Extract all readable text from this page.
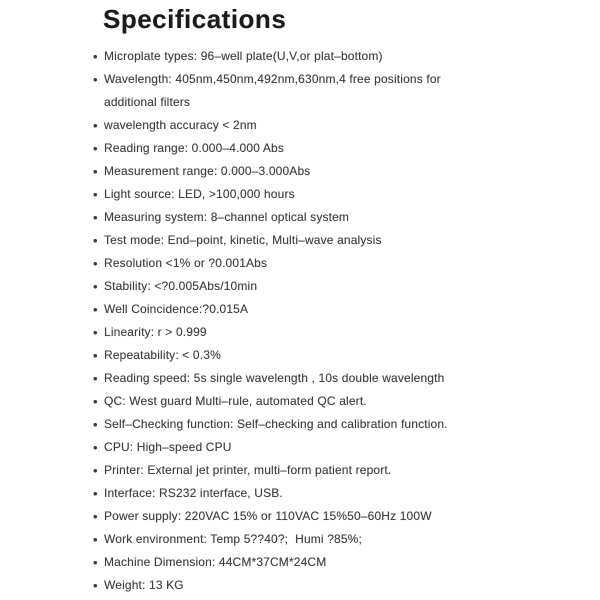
Specifications
• Microplate types: 96–well plate(U,V,or plat–bottom)
• Wavelength: 405nm,450nm,492nm,630nm,4 free positions for
additional filters
• wavelength accuracy < 2nm
• Reading range: 0.000–4.000 Abs
• Measurement range: 0.000–3.000Abs
• Light source: LED, >100,000 hours
• Measuring system: 8–channel optical system
• Test mode: End–point, kinetic, Multi–wave analysis
• Resolution <1% or ?0.001Abs
• Stability: <?0.005Abs/10min
• Well Coincidence:?0.015A
• Linearity: r > 0.999
• Repeatability: < 0.3%
• Reading speed: 5s single wavelength , 10s double wavelength
• QC: West guard Multi–rule, automated QC alert.
• Self–Checking function: Self–checking and calibration function.
• CPU: High–speed CPU
• Printer: External jet printer, multi–form patient report.
• Interface: RS232 interface, USB.
• Power supply: 220VAC 15% or 110VAC 15%50–60Hz 100W
• Work environment: Temp 5??40?;  Humi ?85%;
• Machine Dimension: 44CM*37CM*24CM
• Weight: 13 KG
